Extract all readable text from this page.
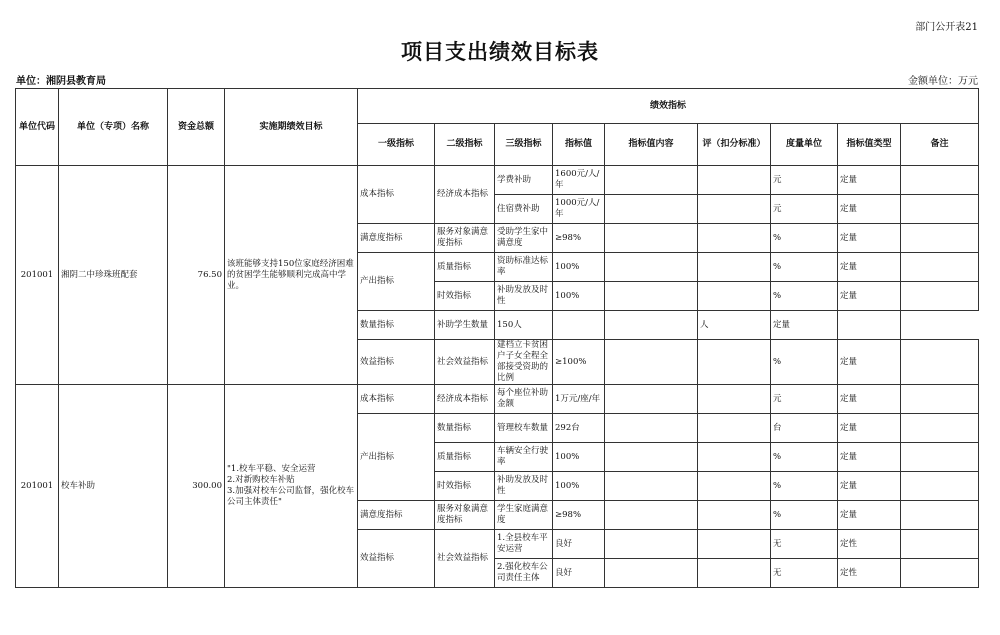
部门公开表21
项目支出绩效目标表
单位：湘阴县教育局	金额单位：万元
单位代码	单位（专项）名称	资金总额	实施期绩效目标	绩效指标								
				一级指标	二级指标	三级指标	指标值	指标值内容	评（扣分标准）	度量单位	指标值类型	备注
201001	湘阴二中珍珠班配套	76.50	该班能够支持150位家庭经济困难的贫困学生能够顺利完成高中学业。	成本指标	经济成本指标	学费补助	1600元/人/年			元	定量	
						住宿费补助	1000元/人/年			元	定量	
				满意度指标	服务对象满意度指标	受助学生家中满意度	≥98%			%	定量	
				产出指标	质量指标	资助标准达标率	100%			%	定量	
					时效指标	补助发放及时性	100%			%	定量	
				数量指标	补助学生数量	150人			人	定量		
				效益指标	社会效益指标	建档立卡贫困户子女全程全部接受资助的比例	≥100%			%	定量	
201001	校车补助	300.00	"1.校车平稳、安全运营
2.对新购校车补贴
3.加强对校车公司监督，强化校车公司主体责任"	成本指标	经济成本指标	每个座位补助金额	1万元/座/年			元	定量	
				产出指标	数量指标	管理校车数量	292台			台	定量	
					质量指标	车辆安全行驶率	100%			%	定量	
					时效指标	补助发放及时性	100%			%	定量	
				满意度指标	服务对象满意度指标	学生家庭满意度	≥98%			%	定量	
				效益指标	社会效益指标	1.全县校车平安运营	良好			无	定性	
						2.强化校车公司责任主体	良好			无	定性	
